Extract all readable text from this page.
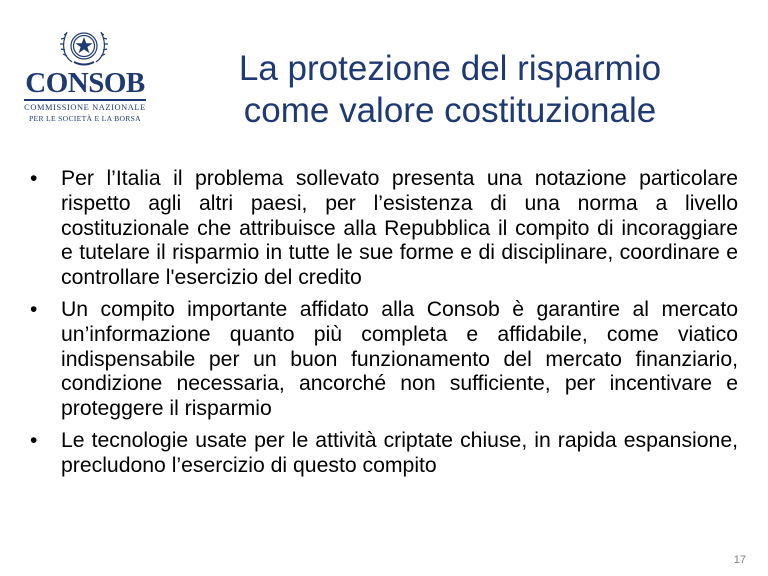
CONSOB
COMMISSIONE NAZIONALE
PER LE SOCIETÀ E LA BORSA
La protezione del risparmio
come valore costituzionale
• Per l’Italia il problema sollevato presenta una notazione particolare rispetto agli altri paesi, per l’esistenza di una norma a livello costituzionale che attribuisce alla Repubblica il compito di incoraggiare e tutelare il risparmio in tutte le sue forme e di disciplinare, coordinare e controllare l'esercizio del credito
• Un compito importante affidato alla Consob è garantire al mercato un’informazione quanto più completa e affidabile, come viatico indispensabile per un buon funzionamento del mercato finanziario, condizione necessaria, ancorché non sufficiente, per incentivare e proteggere il risparmio
• Le tecnologie usate per le attività criptate chiuse, in rapida espansione, precludono l’esercizio di questo compito
17
